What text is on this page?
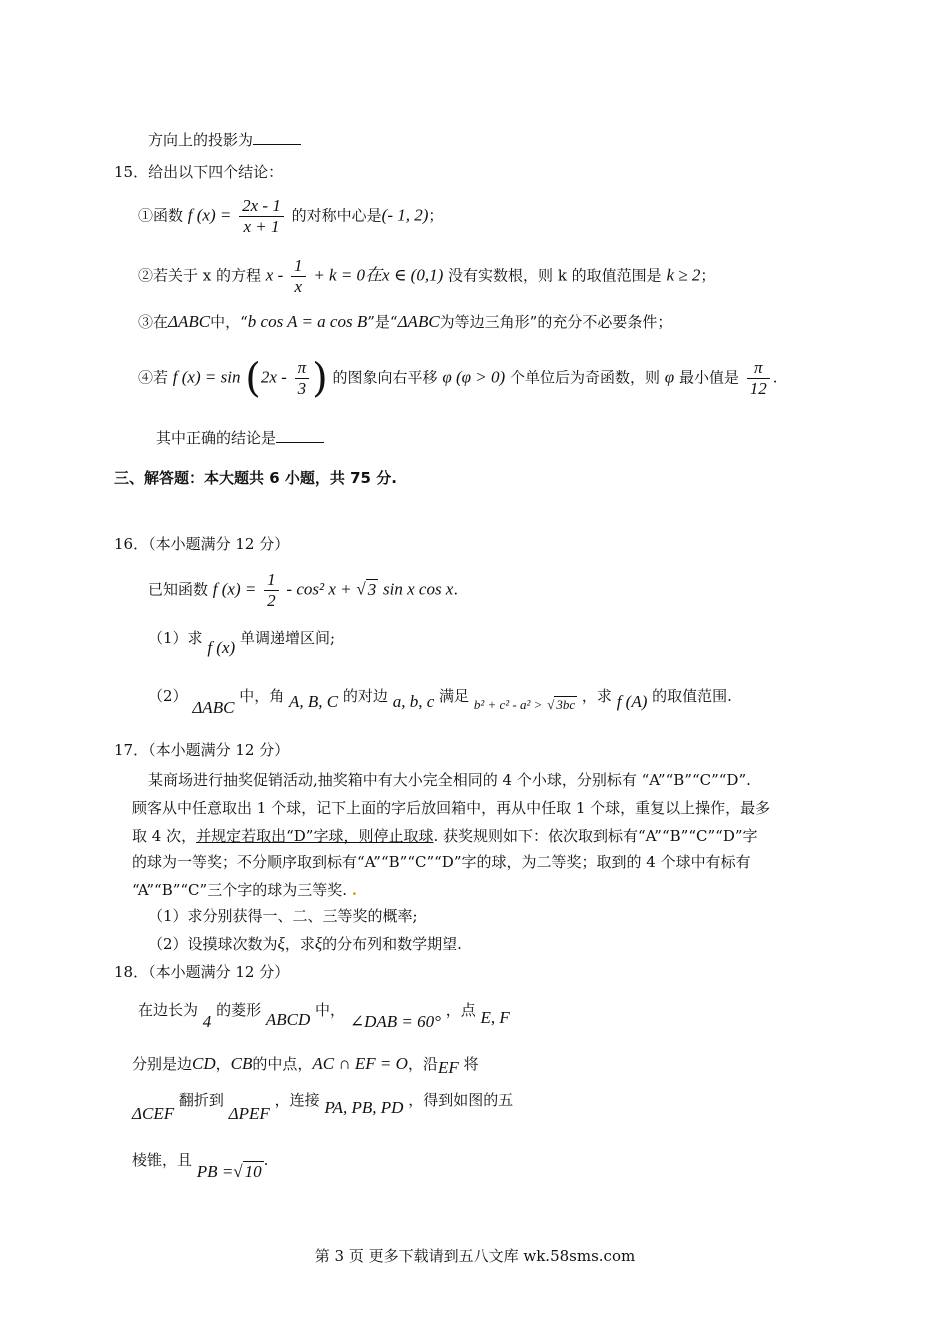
方向上的投影为
15．给出以下四个结论：
①函数 f $(x) = \frac{2x - 1}{x + 1}$ 的对称中心是(- 1, 2)；
②若关于 x 的方程 $x - \frac{1}{x} + k = 0$在x ∈ (0,1) 没有实数根，则 k 的取值范围是 k ≥ 2；
③在ΔABC中，“b cos A = a cos B”是“ΔABC为等边三角形”的充分不必要条件；
④若 f $(x) = \sin (2x - \frac{\pi}{3}$ ) 的图象向右平移 φ (φ > 0) 个单位后为奇函数，则 φ 最小值是 $\frac{\pi}{12}$ .
其中正确的结论是
三、解答题：本大题共 6 小题，共 75 分.
16．（本小题满分 12 分）
已知函数 f $(x) = \frac{1}{2} - \cos^2$ x + √ 3 sin x cos x.
（1）求 f (x) 单调递增区间;
（2） ΔABC 中，角 A, B, C 的对边 a, b, c 满足 b² + c² - a² > √ 3bc ，求 f (A) 的取值范围.
17．（本小题满分 12 分）
某商场进行抽奖促销活动,抽奖箱中有大小完全相同的 4 个小球，分别标有 “A”“B”“C”“D”.
顾客从中任意取出 1 个球，记下上面的字后放回箱中，再从中任取 1 个球，重复以上操作，最多
取 4 次，并规定若取出“D”字球，则停止取球. 获奖规则如下：依次取到标有“A”“B”“C”“D”字
的球为一等奖；不分顺序取到标有“A”“B”“C”“D”字的球，为二等奖；取到的 4 个球中有标有
“A”“B”“C”三个字的球为三等奖. .
（1）求分别获得一、二、三等奖的概率;
（2）设摸球次数为ξ，求ξ的分布列和数学期望.
18．（本小题满分 12 分）
在边长为 4 的菱形 ABCD 中， ∠DAB = 60° ，点 E, F
分别是边CD，CB的中点，AC ∩ EF = O，沿EF 将
ΔCEF 翻折到 ΔPEF ，连接 PA, PB, PD ，得到如图的五
棱锥，且 PB =√ 10.
第 3 页 更多下载请到五八文库 wk.58sms.com
